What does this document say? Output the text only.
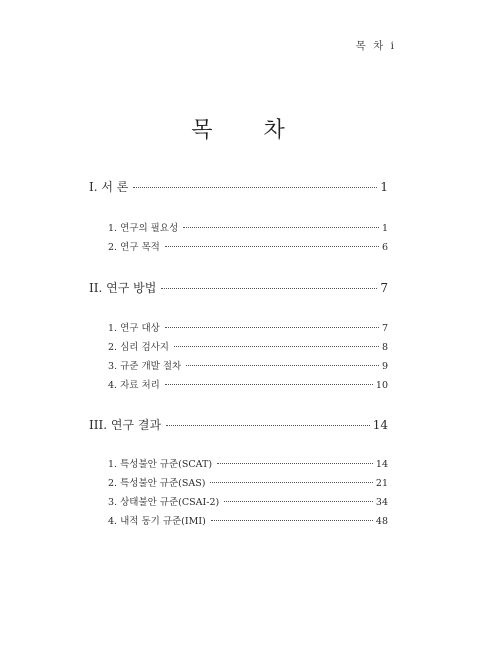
목 차 i
목 차
I. 서 론	1
1. 연구의 필요성	1
2. 연구 목적	6
II. 연구 방법	7
1. 연구 대상	7
2. 심리 검사지	8
3. 규준 개발 절차	9
4. 자료 처리	10
III. 연구 결과	14
1. 특성불안 규준(SCAT)	14
2. 특성불안 규준(SAS)	21
3. 상태불안 규준(CSAI-2)	34
4. 내적 동기 규준(IMI)	48
